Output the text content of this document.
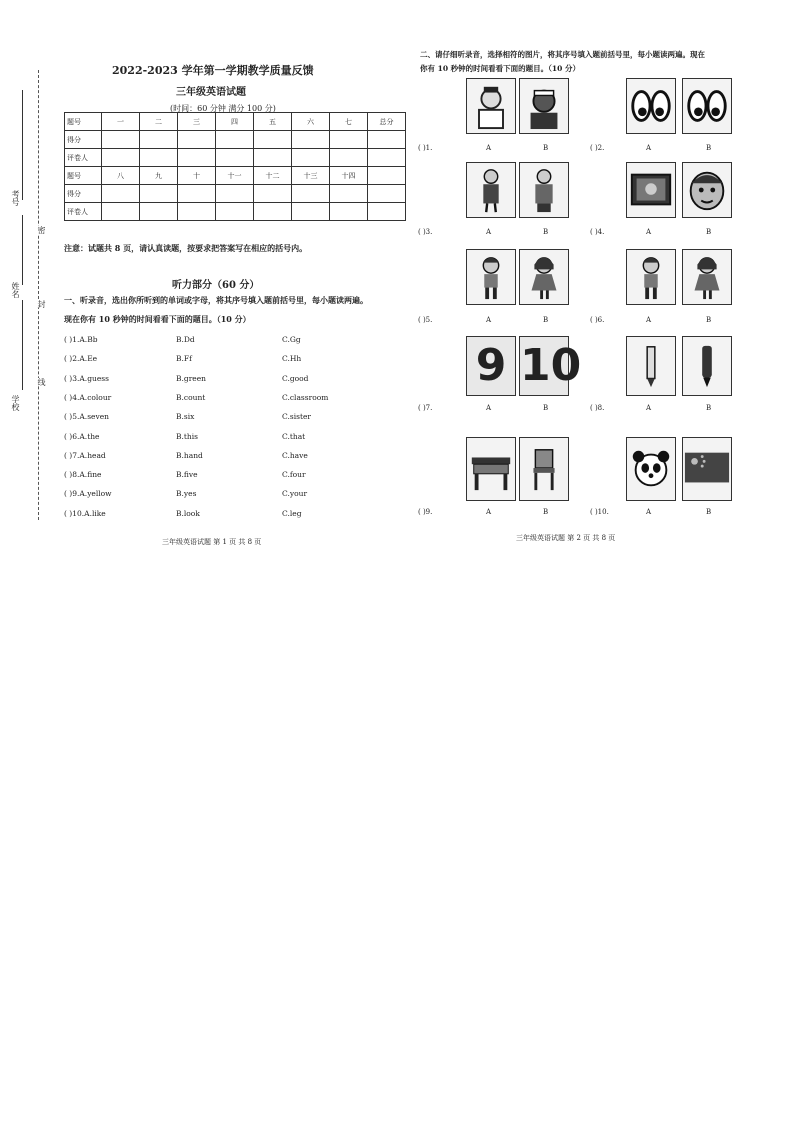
考号
姓名
学校
密
封
线
2022-2023 学年第一学期教学质量反馈
三年级英语试题
(时间：60 分钟 满分 100 分)
题号	一	二	三	四	五	六	七	总分
得分								
评卷人								
题号	八	九	十	十一	十二	十三	十四	
得分								
评卷人								
注意：试题共 8 页，请认真读题，按要求把答案写在相应的括号内。
听力部分（60 分）
一、听录音，选出你所听到的单词或字母，将其序号填入题前括号里，每小题读两遍。
现在你有 10 秒钟的时间看看下面的题目。（10 分）
( )1.A.Bb	B.Dd	C.Gg
( )2.A.Ee	B.Ff	C.Hh
( )3.A.guess	B.green	C.good
( )4.A.colour	B.count	C.classroom
( )5.A.seven	B.six	C.sister
( )6.A.the	B.this	C.that
( )7.A.head	B.hand	C.have
( )8.A.fine	B.five	C.four
( )9.A.yellow	B.yes	C.your
( )10.A.like	B.look	C.leg
三年级英语试题 第 1 页 共 8 页
二、请仔细听录音，选择相符的图片，将其序号填入题前括号里，每小题读两遍。现在
你有 10 秒钟的时间看看下面的题目。（10 分）
( )1.	A	B	( )2.	A	B
( )3.	A	B	( )4.	A	B
( )5.	A	B	( )6.	A	B
9 10
( )7.	A	B	( )8.	A	B
( )9.	A	B	( )10.	A	B
三年级英语试题 第 2 页 共 8 页
